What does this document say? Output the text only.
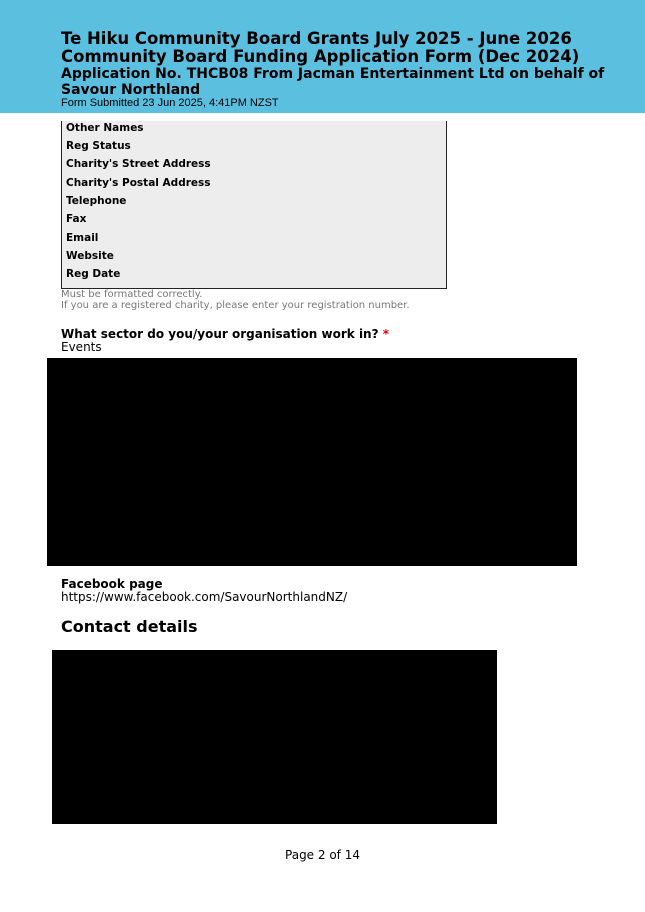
Te Hiku Community Board Grants July 2025 - June 2026
Community Board Funding Application Form (Dec 2024)
Application No. THCB08 From Jacman Entertainment Ltd on behalf of Savour Northland
Form Submitted 23 Jun 2025, 4:41PM NZST
Other Names
Reg Status
Charity's Street Address
Charity's Postal Address
Telephone
Fax
Email
Website
Reg Date
Must be formatted correctly.
If you are a registered charity, please enter your registration number.
What sector do you/your organisation work in? *
Events
Facebook page
https://www.facebook.com/SavourNorthlandNZ/
Contact details
Page 2 of 14
